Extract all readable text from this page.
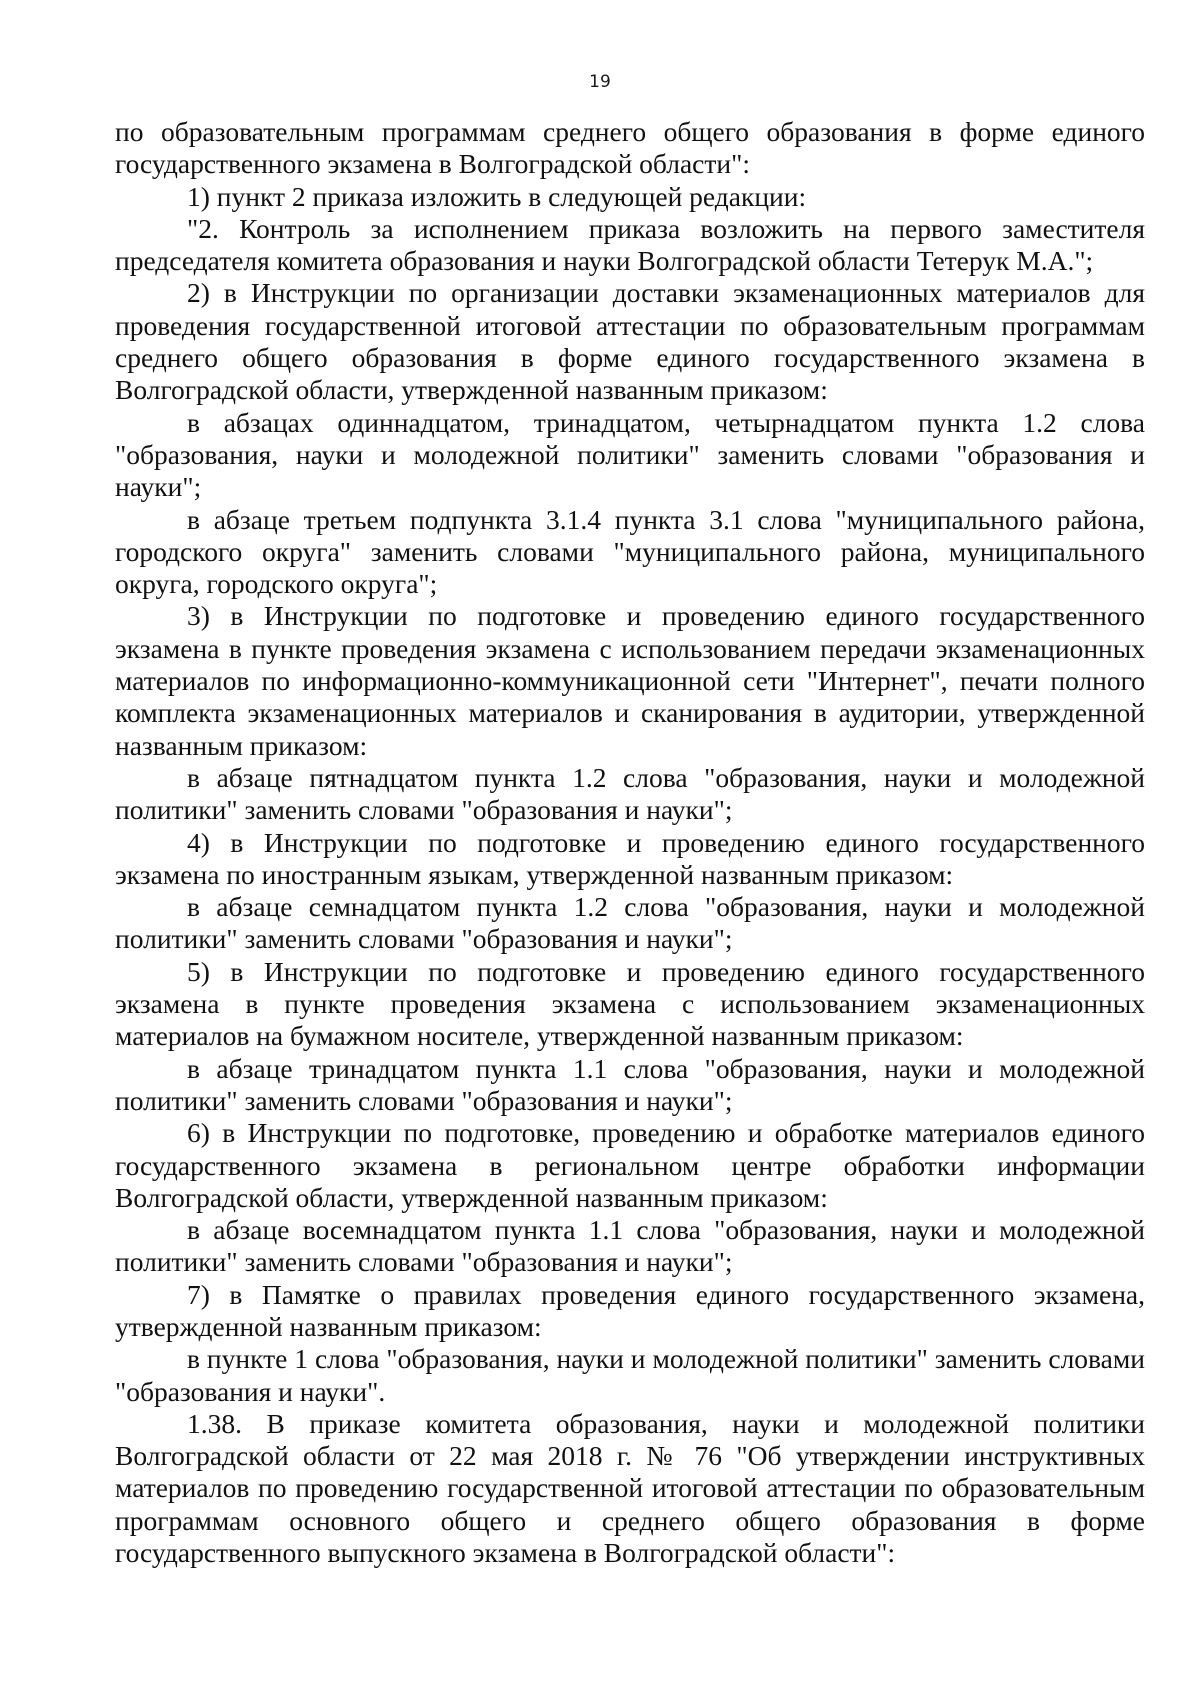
19

по образовательным программам среднего общего образования в форме единого государственного экзамена в Волгоградской области":

1) пункт 2 приказа изложить в следующей редакции:

"2. Контроль за исполнением приказа возложить на первого заместителя председателя комитета образования и науки Волгоградской области Тетерук М.А.";

2) в Инструкции по организации доставки экзаменационных материалов для проведения государственной итоговой аттестации по образовательным программам среднего общего образования в форме единого государственного экзамена в Волгоградской области, утвержденной названным приказом:

в абзацах одиннадцатом, тринадцатом, четырнадцатом пункта 1.2 слова "образования, науки и молодежной политики" заменить словами "образования и науки";

в абзаце третьем подпункта 3.1.4 пункта 3.1 слова "муниципального района, городского округа" заменить словами "муниципального района, муниципального округа, городского округа";

3) в Инструкции по подготовке и проведению единого государственного экзамена в пункте проведения экзамена с использованием передачи экзаменационных материалов по информационно-коммуникационной сети "Интернет", печати полного комплекта экзаменационных материалов и сканирования в аудитории, утвержденной названным приказом:

в абзаце пятнадцатом пункта 1.2 слова "образования, науки и молодежной политики" заменить словами "образования и науки";

4) в Инструкции по подготовке и проведению единого государственного экзамена по иностранным языкам, утвержденной названным приказом:

в абзаце семнадцатом пункта 1.2 слова "образования, науки и молодежной политики" заменить словами "образования и науки";

5) в Инструкции по подготовке и проведению единого государственного экзамена в пункте проведения экзамена с использованием экзаменационных материалов на бумажном носителе, утвержденной названным приказом:

в абзаце тринадцатом пункта 1.1 слова "образования, науки и молодежной политики" заменить словами "образования и науки";

6) в Инструкции по подготовке, проведению и обработке материалов единого государственного экзамена в региональном центре обработки информации Волгоградской области, утвержденной названным приказом:

в абзаце восемнадцатом пункта 1.1 слова "образования, науки и молодежной политики" заменить словами "образования и науки";

7) в Памятке о правилах проведения единого государственного экзамена, утвержденной названным приказом:

в пункте 1 слова "образования, науки и молодежной политики" заменить словами "образования и науки".

1.38. В приказе комитета образования, науки и молодежной политики Волгоградской области от 22 мая 2018 г. № 76 "Об утверждении инструктивных материалов по проведению государственной итоговой аттестации по образовательным программам основного общего и среднего общего образования в форме государственного выпускного экзамена в Волгоградской области":
